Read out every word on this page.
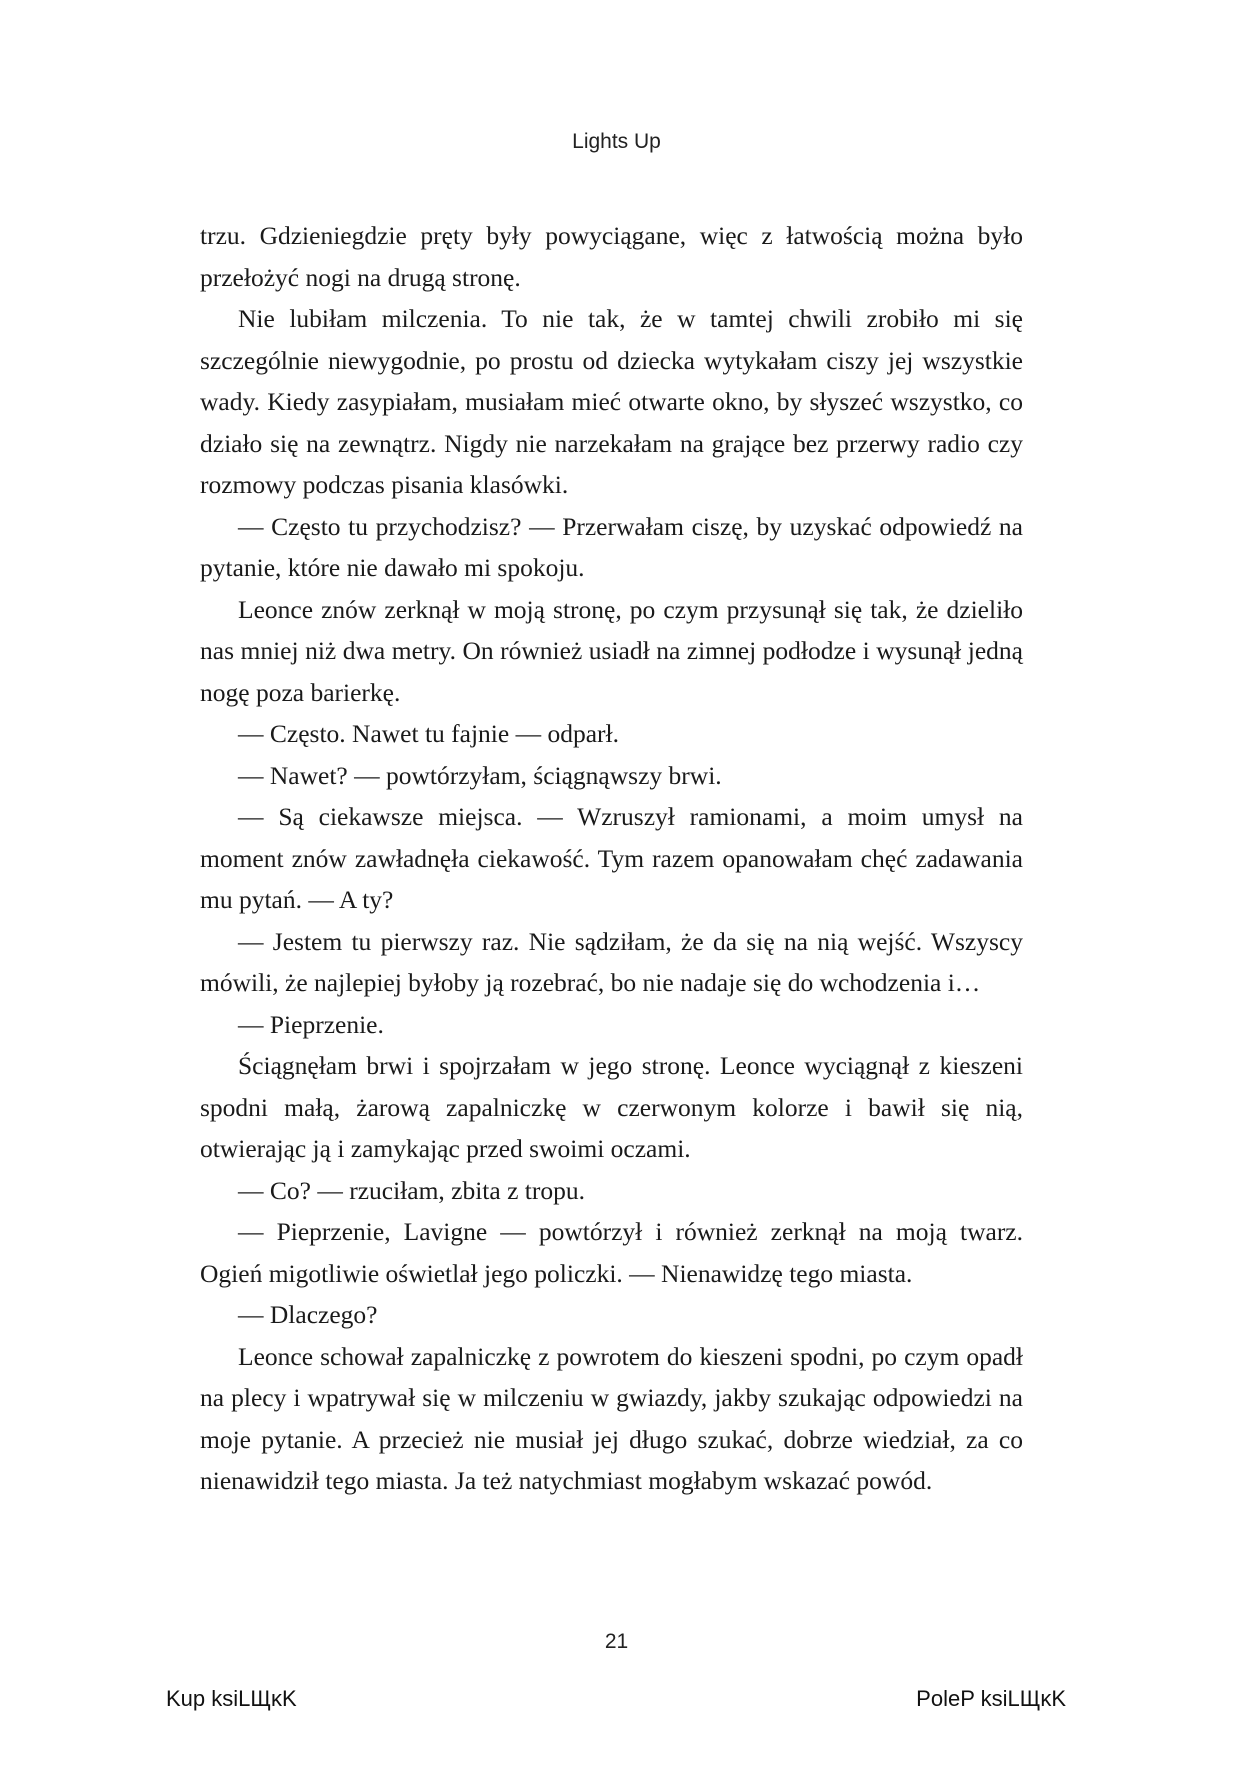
Lights Up

trzu. Gdzieniegdzie pręty były powyciągane, więc z łatwością można było przełożyć nogi na drugą stronę.

Nie lubiłam milczenia. To nie tak, że w tamtej chwili zrobiło mi się szczególnie niewygodnie, po prostu od dziecka wytykałam ciszy jej wszystkie wady. Kiedy zasypiałam, musiałam mieć otwarte okno, by słyszeć wszystko, co działo się na zewnątrz. Nigdy nie narzekałam na grające bez przerwy radio czy rozmowy podczas pisania klasówki.

— Często tu przychodzisz? — Przerwałam ciszę, by uzyskać odpowiedź na pytanie, które nie dawało mi spokoju.

Leonce znów zerknął w moją stronę, po czym przysunął się tak, że dzieliło nas mniej niż dwa metry. On również usiadł na zimnej podłodze i wysunął jedną nogę poza barierkę.

— Często. Nawet tu fajnie — odparł.

— Nawet? — powtórzyłam, ściągnąwszy brwi.

— Są ciekawsze miejsca. — Wzruszył ramionami, a moim umysł na moment znów zawładnęła ciekawość. Tym razem opanowałam chęć zadawania mu pytań. — A ty?

— Jestem tu pierwszy raz. Nie sądziłam, że da się na nią wejść. Wszyscy mówili, że najlepiej byłoby ją rozebrać, bo nie nadaje się do wchodzenia i…

— Pieprzenie.

Ściągnęłam brwi i spojrzałam w jego stronę. Leonce wyciągnął z kieszeni spodni małą, żarową zapalniczkę w czerwonym kolorze i bawił się nią, otwierając ją i zamykając przed swoimi oczami.

— Co? — rzuciłam, zbita z tropu.

— Pieprzenie, Lavigne — powtórzył i również zerknął na moją twarz. Ogień migotliwie oświetlał jego policzki. — Nienawidzę tego miasta.

— Dlaczego?

Leonce schował zapalniczkę z powrotem do kieszeni spodni, po czym opadł na plecy i wpatrywał się w milczeniu w gwiazdy, jakby szukając odpowiedzi na moje pytanie. A przecież nie musiał jej długo szukać, dobrze wiedział, za co nienawidził tego miasta. Ja też natychmiast mogłabym wskazać powód.

21
Kup ksiLЩĸK	PoleP ksiLЩĸK
